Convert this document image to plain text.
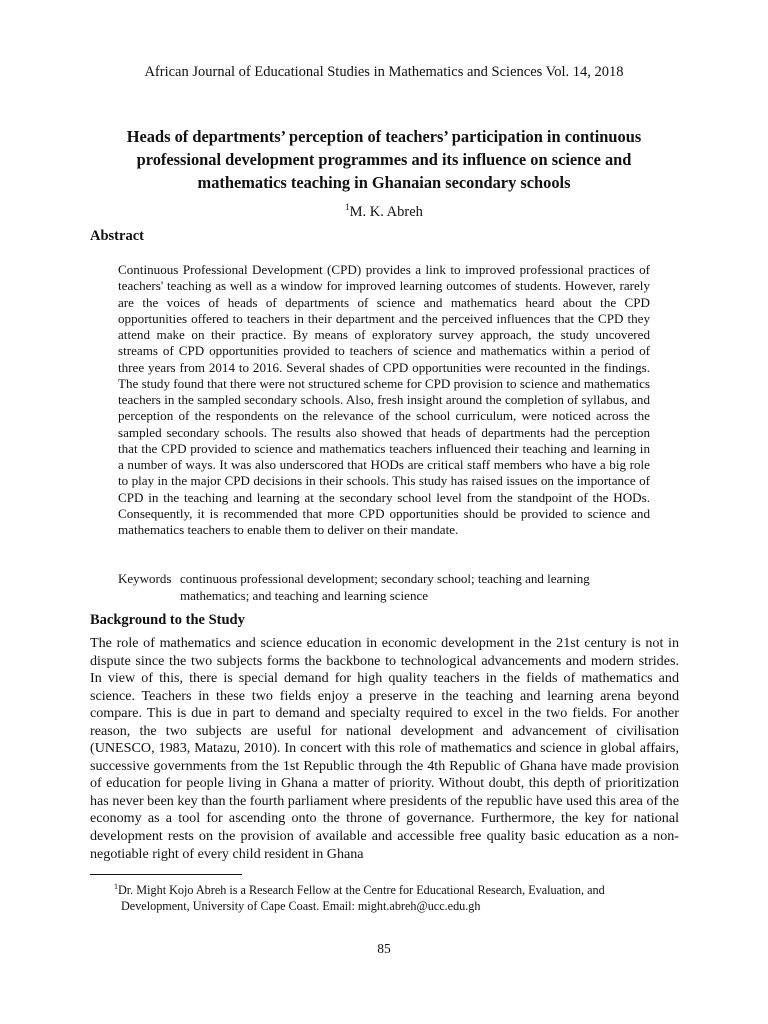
African Journal of Educational Studies in Mathematics and Sciences Vol. 14, 2018
Heads of departments’ perception of teachers’ participation in continuous professional development programmes and its influence on science and mathematics teaching in Ghanaian secondary schools
$^1$M. K. Abreh
Abstract
Continuous Professional Development (CPD) provides a link to improved professional practices of teachers' teaching as well as a window for improved learning outcomes of students. However, rarely are the voices of heads of departments of science and mathematics heard about the CPD opportunities offered to teachers in their department and the perceived influences that the CPD they attend make on their practice. By means of exploratory survey approach, the study uncovered streams of CPD opportunities provided to teachers of science and mathematics within a period of three years from 2014 to 2016. Several shades of CPD opportunities were recounted in the findings. The study found that there were not structured scheme for CPD provision to science and mathematics teachers in the sampled secondary schools. Also, fresh insight around the completion of syllabus, and perception of the respondents on the relevance of the school curriculum, were noticed across the sampled secondary schools. The results also showed that heads of departments had the perception that the CPD provided to science and mathematics teachers influenced their teaching and learning in a number of ways. It was also underscored that HODs are critical staff members who have a big role to play in the major CPD decisions in their schools. This study has raised issues on the importance of CPD in the teaching and learning at the secondary school level from the standpoint of the HODs. Consequently, it is recommended that more CPD opportunities should be provided to science and mathematics teachers to enable them to deliver on their mandate.
Keywords continuous professional development; secondary school; teaching and learning
mathematics; and teaching and learning science
Background to the Study
The role of mathematics and science education in economic development in the 21st century is not in dispute since the two subjects forms the backbone to technological advancements and modern strides. In view of this, there is special demand for high quality teachers in the fields of mathematics and science. Teachers in these two fields enjoy a preserve in the teaching and learning arena beyond compare. This is due in part to demand and specialty required to excel in the two fields. For another reason, the two subjects are useful for national development and advancement of civilisation (UNESCO, 1983, Matazu, 2010). In concert with this role of mathematics and science in global affairs, successive governments from the 1st Republic through the 4th Republic of Ghana have made provision of education for people living in Ghana a matter of priority. Without doubt, this depth of prioritization has never been key than the fourth parliament where presidents of the republic have used this area of the economy as a tool for ascending onto the throne of governance. Furthermore, the key for national development rests on the provision of available and accessible free quality basic education as a non-negotiable right of every child resident in Ghana
$^1$Dr. Might Kojo Abreh is a Research Fellow at the Centre for Educational Research, Evaluation, and
Development, University of Cape Coast. Email: might.abreh@ucc.edu.gh
85
